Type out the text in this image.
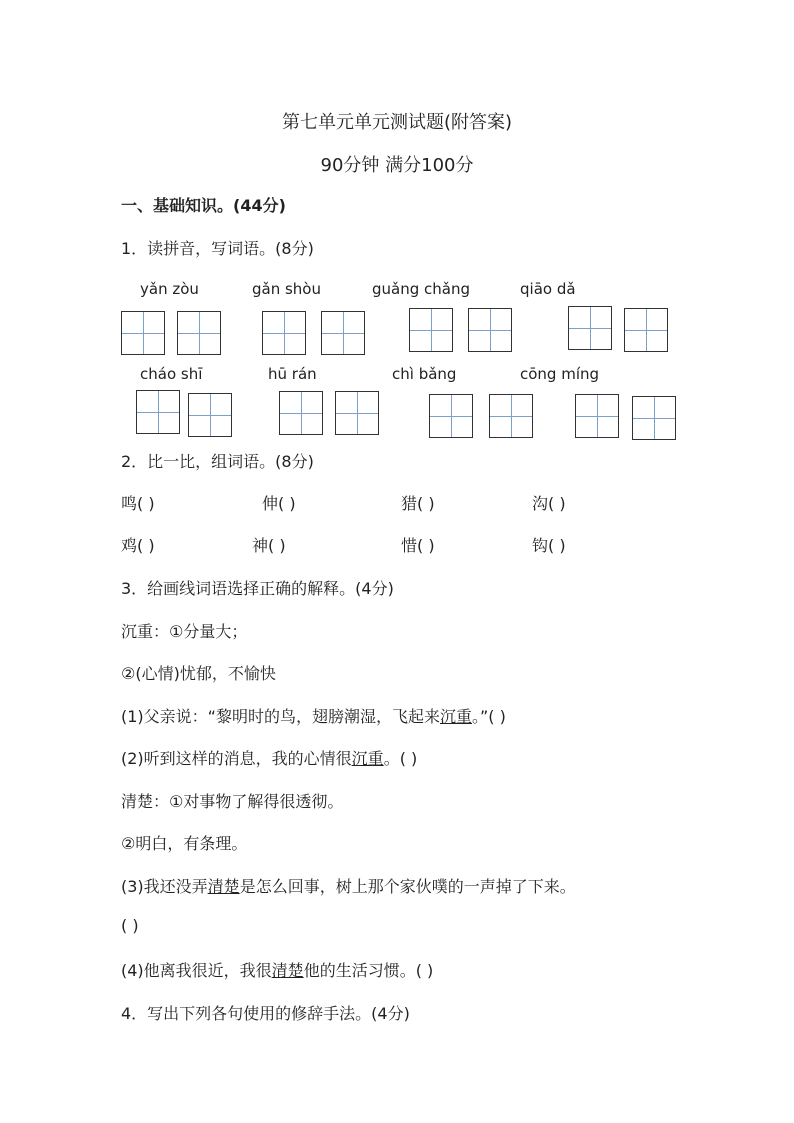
第七单元单元测试题(附答案)
90分钟 满分100分
一、基础知识。(44分)
1．读拼音，写词语。(8分)
yǎn zòu	gǎn shòu	guǎng chǎng	qiāo dǎ
cháo shī	hū rán	chì bǎng	cōng míng
2．比一比，组词语。(8分)
鸣( )	伸( )	猎( )	沟( )
鸡( )	神( )	惜( )	钩( )
3．给画线词语选择正确的解释。(4分)
沉重：①分量大；
②(心情)忧郁，不愉快
(1)父亲说：“黎明时的鸟，翅膀潮湿，飞起来沉重。”( )
(2)听到这样的消息，我的心情很沉重。( )
清楚：①对事物了解得很透彻。
②明白，有条理。
(3)我还没弄清楚是怎么回事，树上那个家伙噗的一声掉了下来。
( )
(4)他离我很近，我很清楚他的生活习惯。( )
4．写出下列各句使用的修辞手法。(4分)
